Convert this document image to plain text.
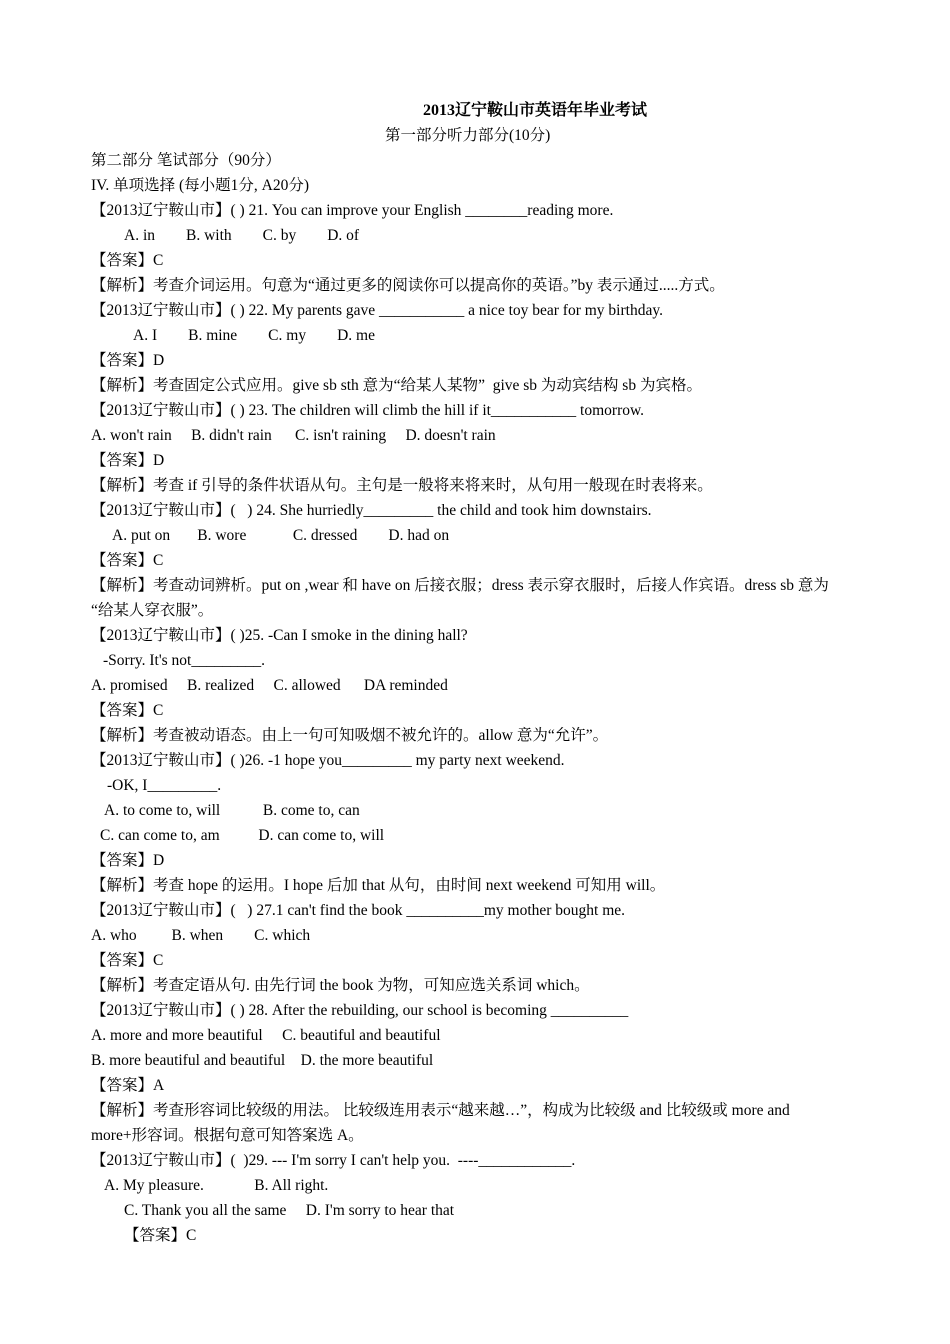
2013辽宁鞍山市英语年毕业考试
第一部分听力部分(10分)
第二部分 笔试部分（90分）
IV. 单项选择 (每小题1分, A20分)
【2013辽宁鞍山市】( ) 21. You can improve your English ________reading more.
A. in        B. with        C. by        D. of
【答案】C
【解析】考查介词运用。句意为“通过更多的阅读你可以提高你的英语。”by 表示通过.....方式。
【2013辽宁鞍山市】( ) 22. My parents gave ___________ a nice toy bear for my birthday.
A. I        B. mine        C. my        D. me
【答案】D
【解析】考查固定公式应用。give sb sth 意为“给某人某物”  give sb 为动宾结构 sb 为宾格。
【2013辽宁鞍山市】( ) 23. The children will climb the hill if it___________ tomorrow.
A. won't rain     B. didn't rain      C. isn't raining     D. doesn't rain
【答案】D
【解析】考查 if 引导的条件状语从句。主句是一般将来将来时，从句用一般现在时表将来。
【2013辽宁鞍山市】(   ) 24. She hurriedly_________ the child and took him downstairs.
A. put on       B. wore            C. dressed        D. had on
【答案】C
【解析】考查动词辨析。put on ,wear 和 have on 后接衣服；dress 表示穿衣服时，后接人作宾语。dress sb 意为
“给某人穿衣服”。
【2013辽宁鞍山市】( )25. -Can I smoke in the dining hall?
-Sorry. It's not_________.
A. promised     B. realized     C. allowed      DA reminded
【答案】C
【解析】考查被动语态。由上一句可知吸烟不被允许的。allow 意为“允许”。
【2013辽宁鞍山市】( )26. -1 hope you_________ my party next weekend.
-OK, I_________.
A. to come to, will           B. come to, can
C. can come to, am          D. can come to, will
【答案】D
【解析】考查 hope 的运用。I hope 后加 that 从句，由时间 next weekend 可知用 will。
【2013辽宁鞍山市】(   ) 27.1 can't find the book __________my mother bought me.
A. who         B. when        C. which
【答案】C
【解析】考查定语从句. 由先行词 the book 为物，可知应选关系词 which。
【2013辽宁鞍山市】( ) 28. After the rebuilding, our school is becoming __________
A. more and more beautiful     C. beautiful and beautiful
B. more beautiful and beautiful    D. the more beautiful
【答案】A
【解析】考查形容词比较级的用法。 比较级连用表示“越来越…”，构成为比较级 and 比较级或 more and
more+形容词。根据句意可知答案选 A。
【2013辽宁鞍山市】(  )29. --- I'm sorry I can't help you.  ----____________.
A. My pleasure.             B. All right.
C. Thank you all the same     D. I'm sorry to hear that
【答案】C
